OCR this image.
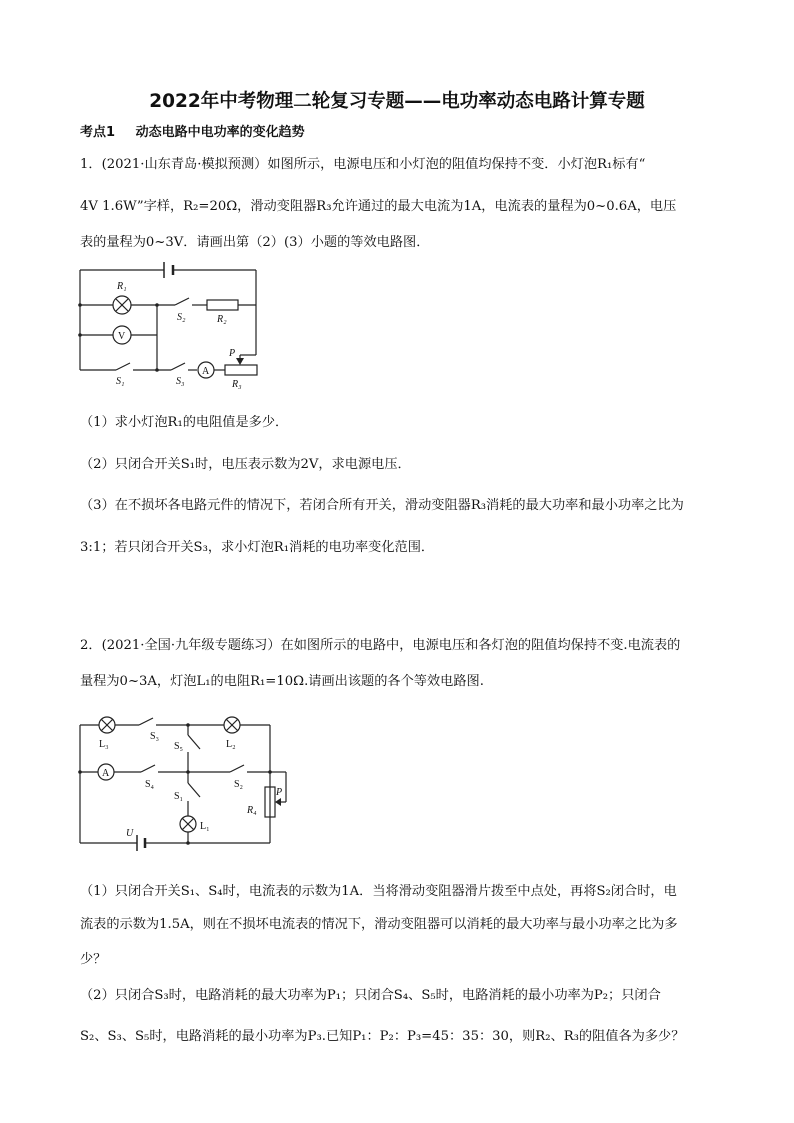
2022年中考物理二轮复习专题——电功率动态电路计算专题
考点1 动态电路中电功率的变化趋势
1．(2021·山东青岛·模拟预测）如图所示，电源电压和小灯泡的阻值均保持不变．小灯泡R₁标有“
4V 1.6W”字样，R₂=20Ω，滑动变阻器R₃允许通过的最大电流为1A，电流表的量程为0~0.6A，电压
表的量程为0~3V．请画出第（2）(3）小题的等效电路图．
R₁
V
S₂	R₂
P
S₁	S₃
A
R₃
（1）求小灯泡R₁的电阻值是多少．
（2）只闭合开关S₁时，电压表示数为2V，求电源电压．
（3）在不损坏各电路元件的情况下，若闭合所有开关，滑动变阻器R₃消耗的最大功率和最小功率之比为
3:1；若只闭合开关S₃，求小灯泡R₁消耗的电功率变化范围．
2．(2021·全国·九年级专题练习）在如图所示的电路中，电源电压和各灯泡的阻值均保持不变.电流表的
量程为0~3A，灯泡L₁的电阻R₁=10Ω.请画出该题的各个等效电路图.
L₃
S₃
S₅	L₂
A
S₄	S₂
P
S₁
R₄
L₁
U
（1）只闭合开关S₁、S₄时，电流表的示数为1A．当将滑动变阻器滑片拨至中点处，再将S₂闭合时，电
流表的示数为1.5A，则在不损坏电流表的情况下，滑动变阻器可以消耗的最大功率与最小功率之比为多
少？
（2）只闭合S₃时，电路消耗的最大功率为P₁；只闭合S₄、S₅时，电路消耗的最小功率为P₂；只闭合
S₂、S₃、S₅时，电路消耗的最小功率为P₃.已知P₁：P₂：P₃=45：35：30，则R₂、R₃的阻值各为多少？
